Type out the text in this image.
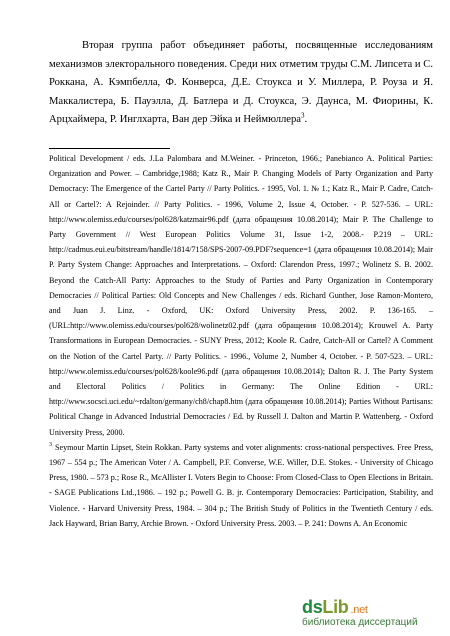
Вторая группа работ объединяет работы, посвященные исследованиям механизмов электорального поведения. Среди них отметим труды С.М. Липсета и С. Роккана, А. Кэмпбелла, Ф. Конверса, Д.Е. Стоукса и У. Миллера, Р. Роуза и Я. Маккалистера, Б. Пауэлла, Д. Батлера и Д. Стоукса, Э. Даунса, М. Фиорины, К. Арцхаймера, Р. Инглхарта, Ван дер Эйка и Неймюллера$^3$.

Political Development / eds. J.La Palombara and M.Weiner. - Princeton, 1966.; Panebianco A. Political Parties: Organization and Power. – Cambridge,1988; Katz R., Mair P. Changing Models of Party Organization and Party Democracy: The Emergence of the Cartel Party // Party Politics. - 1995, Vol. 1. № 1.; Katz R., Mair P. Cadre, Catch-All or Cartel?: A Rejoinder. // Party Politics. - 1996, Volume 2, Issue 4, October. - P. 527-536. – URL: http://www.olemiss.edu/courses/pol628/katzmair96.pdf (дата обращения 10.08.2014); Mair P. The Challenge to Party Government // West European Politics Volume 31, Issue 1-2, 2008.- P.219 – URL: http://cadmus.eui.eu/bitstream/handle/1814/7158/SPS-2007-09.PDF?sequence=1 (дата обращения 10.08.2014); Mair P. Party System Change: Approaches and Interpretations. – Oxford: Clarendon Press, 1997.; Wolinetz S. B. 2002. Beyond the Catch-All Party: Approaches to the Study of Parties and Party Organization in Contemporary Democracies // Political Parties: Old Concepts and New Challenges / eds. Richard Gunther, Jose Ramon-Montero, and Juan J. Linz. - Oxford, UK: Oxford University Press, 2002. P. 136-165. – (URL:http://www.olemiss.edu/courses/pol628/wolinetz02.pdf (дата обращения 10.08.2014); Krouwel A. Party Transformations in European Democracies. - SUNY Press, 2012; Koole R. Cadre, Catch-All or Cartel? A Comment on the Notion of the Cartel Party. // Party Politics. - 1996., Volume 2, Number 4, October. - P. 507-523. – URL: http://www.olemiss.edu/courses/pol628/koole96.pdf (дата обращения 10.08.2014); Dalton R. J. The Party System and Electoral Politics / Politics in Germany: The Online Edition - URL: http://www.socsci.uci.edu/~rdalton/germany/ch8/chap8.htm (дата обращения 10.08.2014); Parties Without Partisans: Political Change in Advanced Industrial Democracies / Ed. by Russell J. Dalton and Martin P. Wattenberg. - Oxford University Press, 2000.

$^3$ Seymour Martin Lipset, Stein Rokkan. Party systems and voter alignments: cross-national perspectives. Free Press, 1967 – 554 p.; The American Voter / A. Campbell, P.F. Converse, W.E. Willer, D.E. Stokes. - University of Chicago Press, 1980. – 573 p.; Rose R., McAllister I. Voters Begin to Choose: From Closed-Class to Open Elections in Britain. - SAGE Publications Ltd.,1986. – 192 p.; Powell G. B. jr. Contemporary Democracies: Participation, Stability, and Violence. - Harvard University Press, 1984. – 304 p.; The British Study of Politics in the Twentieth Century / eds. Jack Hayward, Brian Barry, Archie Brown. - Oxford University Press. 2003. – P. 241: Downs A. An Economic

dsLib .net
библиотека диссертаций
